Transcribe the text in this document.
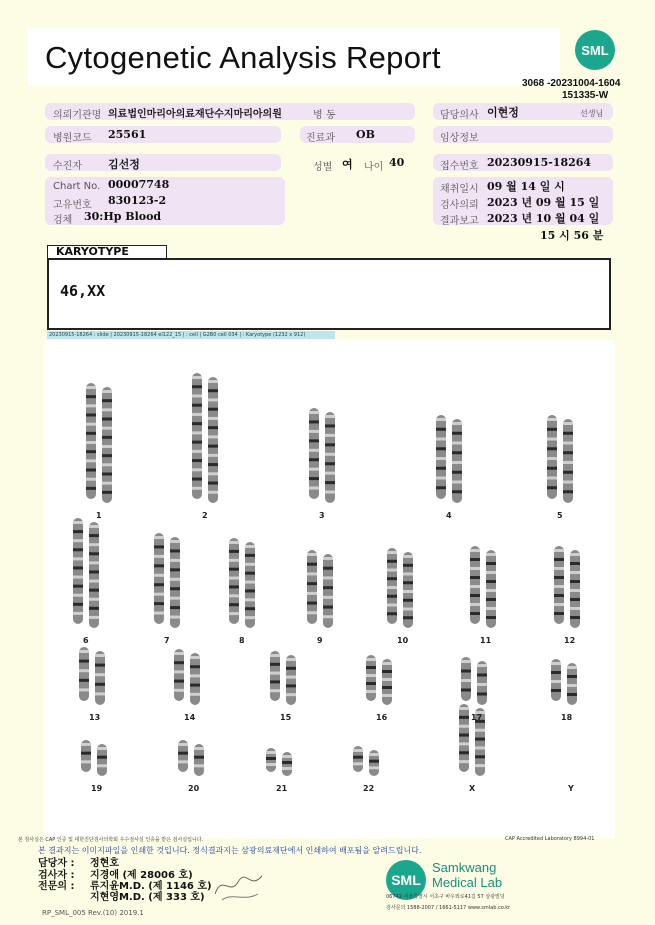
Cytogenetic Analysis Report	SML
3068 -20231004-1604
151335-W
의뢰기관명 의료법인마리아의료재단수지마리아의원	병 동	담당의사 이현정	선생님
병원코드 25561	진료과 OB	임상정보
수진자 김선정	성별 여 나이 40	접수번호 20230915-18264
Chart No. 00007748
고유번호 830123-2
검체 30:Hp Blood
채취일시 09 월 14 일 시
검사의뢰 2023 년 09 월 15 일
결과보고 2023 년 10 월 04 일
15 시 56 분
KARYOTYPE
46,XX
20230915-18264 : slide | 20230915-18264 el122_15 | : cell | G2B0 cell 034 | : Karyotype (1232 x 912)
1	2	3	4	5
6	7	8	9	10	11	12
13	14	15	16	17	18
19	20	21	22	X	Y
본 검사실은 CAP 인증 및 대한진단검사의학회 우수검사실 인증을 받은 검사실입니다.	CAP Accredited Laboratory 8994-01
본 결과지는 이미지파일을 인쇄한 것입니다. 정식결과지는 삼광의료재단에서 인쇄하여 배포됨을 알려드립니다.
담당자 : 정현호
검사자 : 지경애 (제 28006 호)
전문의 : 류지윤M.D. (제 1146 호)
지현영M.D. (제 333 호)
RP_SML_005 Rev.(10) 2019.1
SML
Samkwang
Medical Lab
06742 서울특별시 서초구 바우뫼로41길 57 삼광빌딩
검사문의 1588-2007 / 1661-5117 www.smlab.co.kr
